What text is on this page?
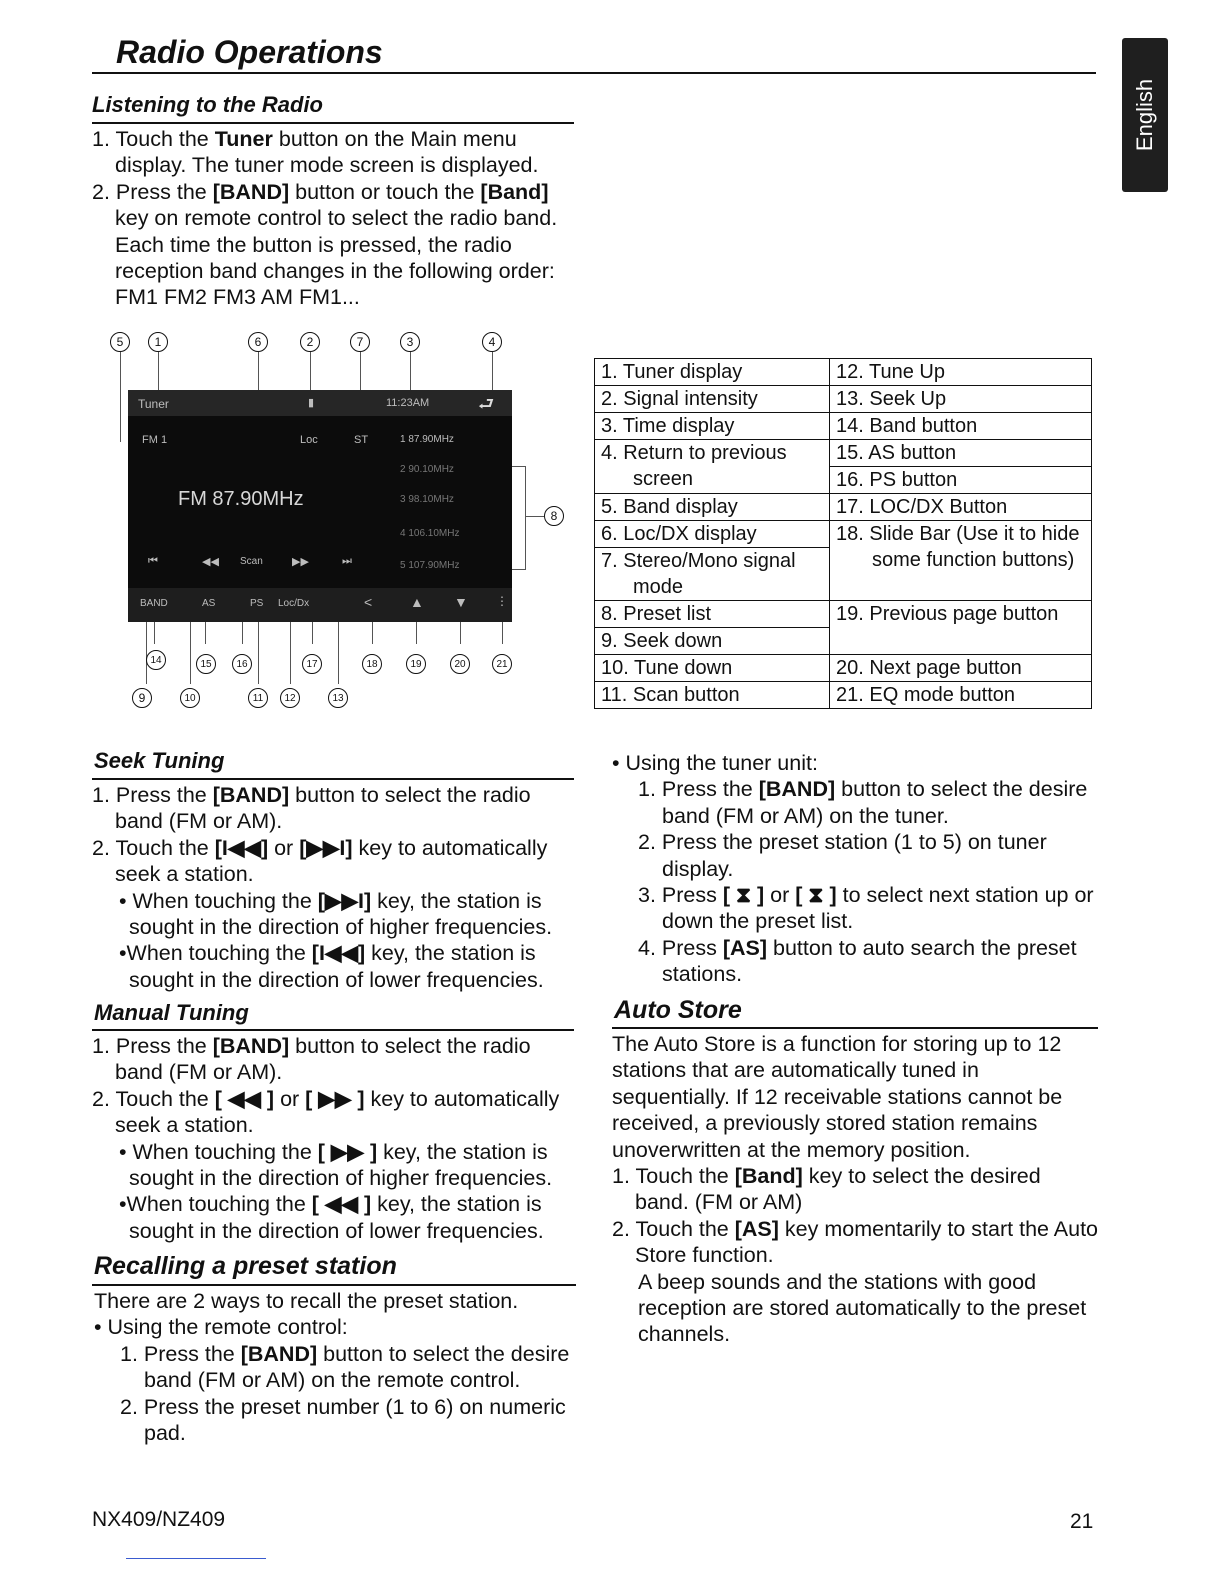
Radio Operations
English
Listening to the Radio
1. Touch the Tuner button on the Main menu display. The tuner mode screen is displayed.
2. Press the [BAND] button or touch the [Band] key on remote control to select the radio band. Each time the button is pressed, the radio reception band changes in the following order: FM1 FM2 FM3 AM FM1...
5	1	6	2	7	3	4
Tuner	▮	11:23AM	⮐
FM 1	Loc	ST
FM 87.90MHz
1 87.90MHz
2 90.10MHz
3 98.10MHz
4 106.10MHz
5 107.90MHz
⏮	◀◀ Scan	▶▶	⏭
BAND	AS	PS Loc/Dx	<	▲ ▼ ⋮
8
14	15	16	17	18	19	20	21
9	10	11	12	13
1. Tuner display	12. Tune Up
2. Signal intensity	13. Seek Up
3. Time display	14. Band button
4. Return to previous screen	15. AS button
	16. PS button
5. Band display	17. LOC/DX Button
6. Loc/DX display	18. Slide Bar (Use it to hide some function buttons)
7. Stereo/Mono signal mode	

8. Preset list	19. Previous page button
9. Seek down	
10. Tune down	20. Next page button
11. Scan button	21. EQ mode button
Seek Tuning
1. Press the [BAND] button to select the radio band (FM or AM).
2. Touch the [I◀◀] or [▶▶I] key to automatically seek a station.
• When touching the [▶▶I] key, the station is sought in the direction of higher frequencies.
•When touching the [I◀◀] key, the station is sought in the direction of lower frequencies.
Manual Tuning
1. Press the [BAND] button to select the radio band (FM or AM).
2. Touch the [ ◀◀ ] or [ ▶▶ ] key to automatically seek a station.
• When touching the [ ▶▶ ] key, the station is sought in the direction of higher frequencies.
•When touching the [ ◀◀ ] key, the station is sought in the direction of lower frequencies.
Recalling a preset station
There are 2 ways to recall the preset station.
• Using the remote control:
1. Press the [BAND] button to select the desire band (FM or AM) on the remote control.
2. Press the preset number (1 to 6) on numeric pad.
• Using the tuner unit:
1. Press the [BAND] button to select the desire band (FM or AM) on the tuner.
2. Press the preset station (1 to 5) on tuner display.
3. Press [ ⧗ ] or [ ⧗ ] to select next station up or down the preset list.
4. Press [AS] button to auto search the preset stations.
Auto Store
The Auto Store is a function for storing up to 12 stations that are automatically tuned in sequentially. If 12 receivable stations cannot be received, a previously stored station remains unoverwritten at the memory position.
1. Touch the [Band] key to select the desired band. (FM or AM)
2. Touch the [AS] key momentarily to start the Auto Store function.
A beep sounds and the stations with good reception are stored automatically to the preset channels.
NX409/NZ409	21
